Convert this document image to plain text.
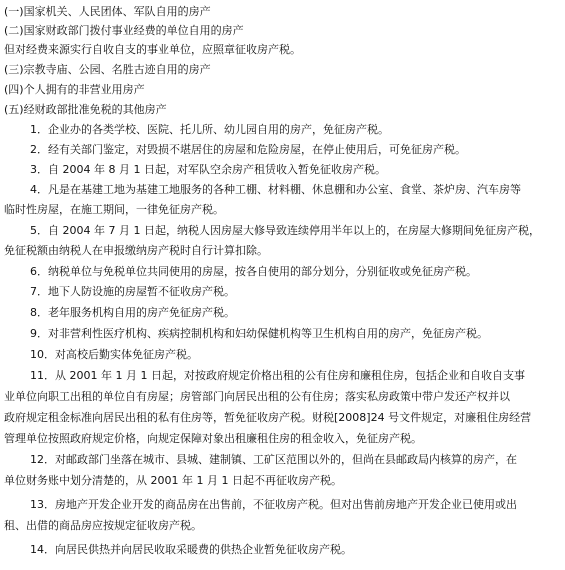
(一)国家机关、人民团体、军队自用的房产
(二)国家财政部门拨付事业经费的单位自用的房产
但对经费来源实行自收自支的事业单位，应照章征收房产税。
(三)宗教寺庙、公园、名胜古迹自用的房产
(四)个人拥有的非营业用房产
(五)经财政部批准免税的其他房产
1．企业办的各类学校、医院、托儿所、幼儿园自用的房产，免征房产税。
2．经有关部门鉴定，对毁损不堪居住的房屋和危险房屋，在停止使用后，可免征房产税。
3．自 2004 年 8 月 1 日起，对军队空余房产租赁收入暂免征收房产税。
4．凡是在基建工地为基建工地服务的各种工棚、材料棚、休息棚和办公室、食堂、茶炉房、汽车房等
临时性房屋，在施工期间，一律免征房产税。
5．自 2004 年 7 月 1 日起，纳税人因房屋大修导致连续停用半年以上的，在房屋大修期间免征房产税，
免征税额由纳税人在申报缴纳房产税时自行计算扣除。
6．纳税单位与免税单位共同使用的房屋，按各自使用的部分划分，分别征收或免征房产税。
7．地下人防设施的房屋暂不征收房产税。
8．老年服务机构自用的房产免征房产税。
9．对非营利性医疗机构、疾病控制机构和妇幼保健机构等卫生机构自用的房产，免征房产税。
10．对高校后勤实体免征房产税。
11．从 2001 年 1 月 1 日起，对按政府规定价格出租的公有住房和廉租住房，包括企业和自收自支事
业单位向职工出租的单位自有房屋；房管部门向居民出租的公有住房；落实私房政策中带户发还产权并以
政府规定租金标准向居民出租的私有住房等，暂免征收房产税。财税[2008]24 号文件规定，对廉租住房经营
管理单位按照政府规定价格，向规定保障对象出租廉租住房的租金收入，免征房产税。
12．对邮政部门坐落在城市、县城、建制镇、工矿区范围以外的，但尚在县邮政局内核算的房产，在
单位财务账中划分清楚的，从 2001 年 1 月 1 日起不再征收房产税。
13．房地产开发企业开发的商品房在出售前，不征收房产税。但对出售前房地产开发企业已使用或出
租、出借的商品房应按规定征收房产税。
14．向居民供热并向居民收取采暖费的供热企业暂免征收房产税。
